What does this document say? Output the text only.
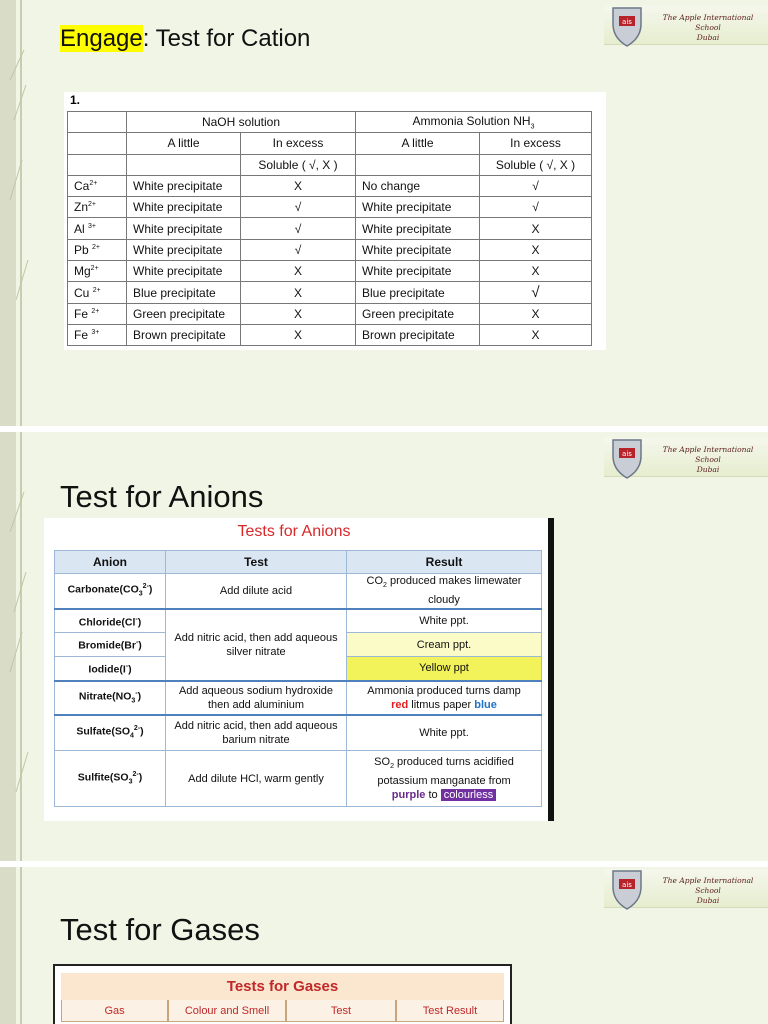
ais	The Apple International School
Dubai
Engage: Test for Cation
1.
	NaOH solution		Ammonia Solution $NH_3$
	A little	In excess	A little	In excess
		Soluble ( √, X )		Soluble ( √, X )
$Ca^{2+}$	White precipitate	X	No change	√
$Zn^{2+}$	White precipitate	√	White precipitate	√
Al $^{3+}$	White precipitate	√	White precipitate	X
Pb $^{2+}$	White precipitate	√	White precipitate	X
$Mg^{2+}$	White precipitate	X	White precipitate	X
Cu $^{2+}$	Blue precipitate	X	Blue precipitate	√
Fe $^{2+}$	Green precipitate	X	Green precipitate	X
Fe $^{3+}$	Brown precipitate	X	Brown precipitate	X
ais	The Apple International School
Dubai
Test for Anions
Tests for Anions
Anion	Test	Result
$Carbonate(CO_3^{2-})$	Add dilute acid	$CO_2$ produced makes limewater cloudy
Chloride(Cl-)	Add nitric acid, then add aqueous silver nitrate	White ppt.
Bromide(Br-)		Cream ppt.
Iodide(I-)		Yellow ppt
$Nitrate(NO_3^-)$	Add aqueous sodium hydroxide then add aluminium	Ammonia produced turns damp
red litmus paper blue
$Sulfate(SO_4^{2-})$	Add nitric acid, then add aqueous barium nitrate	White ppt.
$Sulfite(SO_3^{2-})$	Add dilute HCl, warm gently	$SO_2$ produced turns acidified potassium manganate from
purple to colourless
ais	The Apple International School
Dubai
Test for Gases
Tests for Gases
Gas	Colour and Smell	Test	Test Result
